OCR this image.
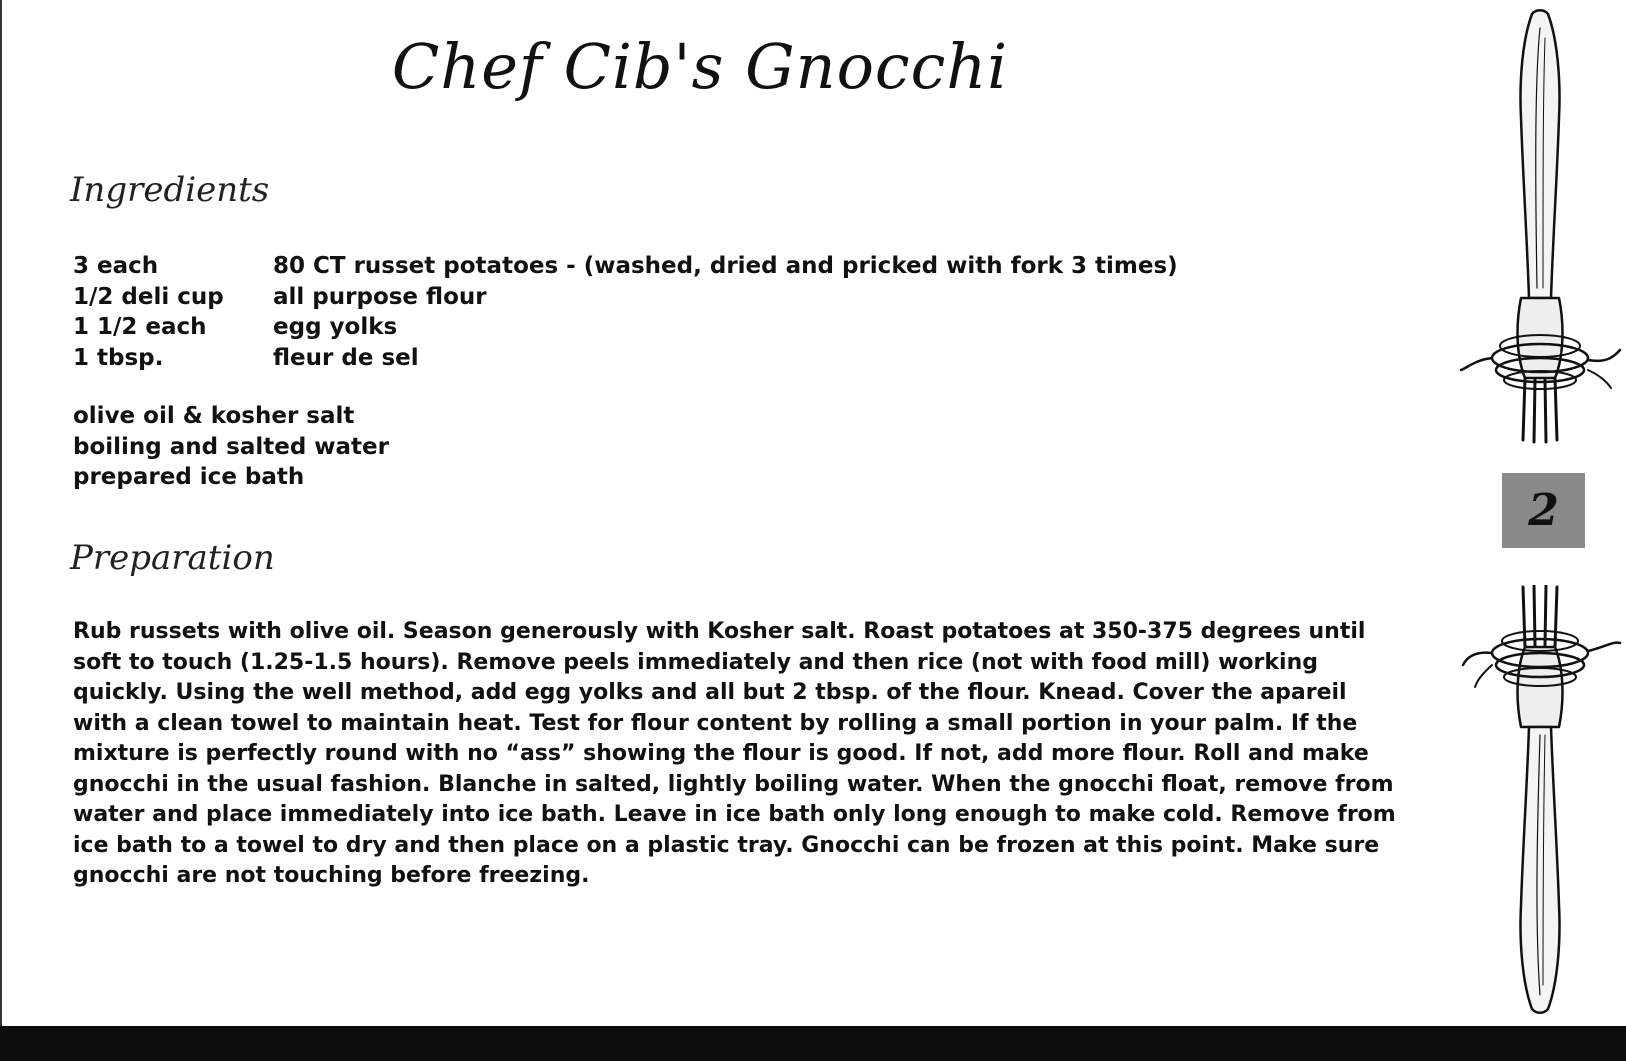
Chef Cib's Gnocchi
Ingredients
3 each	80 CT russet potatoes - (washed, dried and pricked with fork 3 times)
1/2 deli cup	all purpose flour
1 1/2 each	egg yolks
1 tbsp.	fleur de sel
olive oil & kosher salt
boiling and salted water
prepared ice bath
Preparation
Rub russets with olive oil. Season generously with Kosher salt. Roast potatoes at 350-375 degrees until soft to touch (1.25-1.5 hours). Remove peels immediately and then rice (not with food mill) working quickly. Using the well method, add egg yolks and all but 2 tbsp. of the flour. Knead. Cover the apareil with a clean towel to maintain heat. Test for flour content by rolling a small portion in your palm. If the mixture is perfectly round with no “ass” showing the flour is good. If not, add more flour. Roll and make gnocchi in the usual fashion. Blanche in salted, lightly boiling water. When the gnocchi float, remove from water and place immediately into ice bath. Leave in ice bath only long enough to make cold. Remove from ice bath to a towel to dry and then place on a plastic tray. Gnocchi can be frozen at this point. Make sure gnocchi are not touching before freezing.
2
